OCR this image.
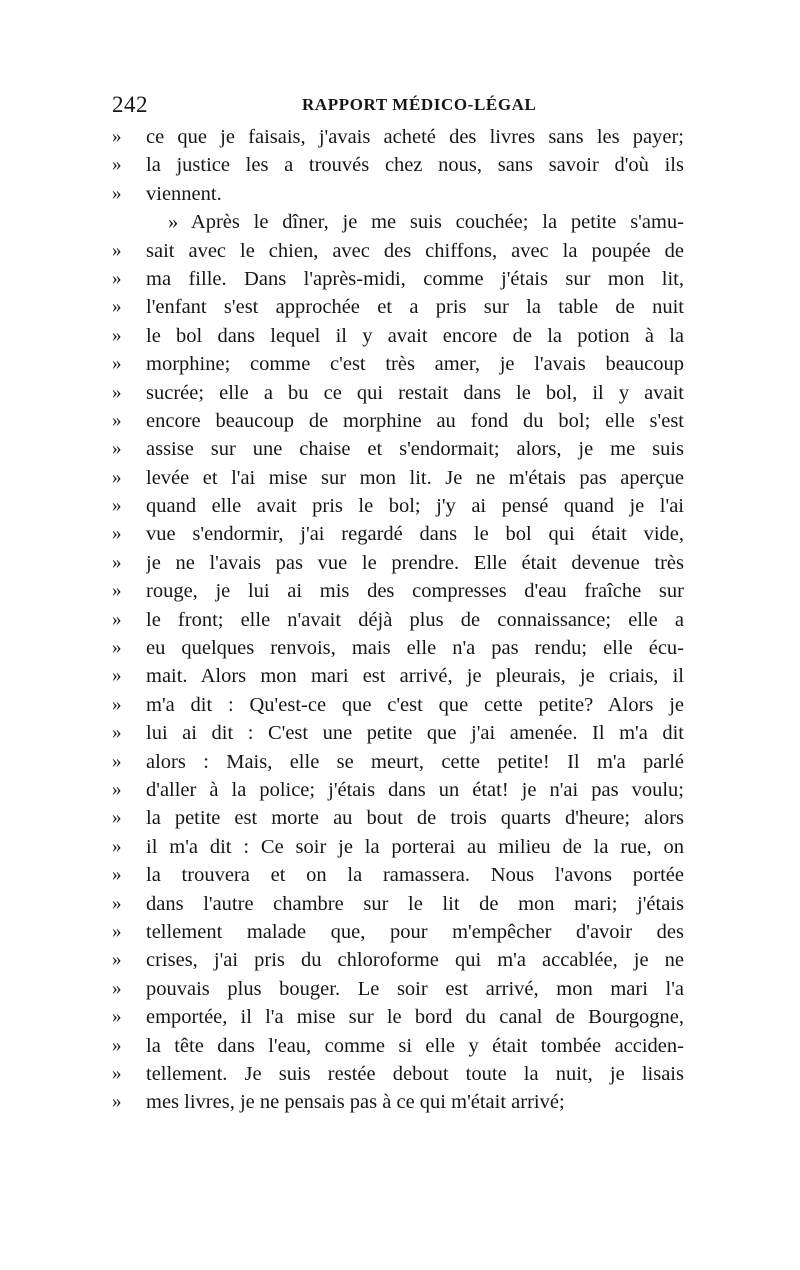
242	RAPPORT MÉDICO-LÉGAL
»	ce que je faisais, j'avais acheté des livres sans les payer;
»	la justice les a trouvés chez nous, sans savoir d'où ils
»	viennent.
» Après le dîner, je me suis couchée; la petite s'amu-
»	sait avec le chien, avec des chiffons, avec la poupée de
»	ma fille. Dans l'après-midi, comme j'étais sur mon lit,
»	l'enfant s'est approchée et a pris sur la table de nuit
»	le bol dans lequel il y avait encore de la potion à la
»	morphine; comme c'est très amer, je l'avais beaucoup
»	sucrée; elle a bu ce qui restait dans le bol, il y avait
»	encore beaucoup de morphine au fond du bol; elle s'est
»	assise sur une chaise et s'endormait; alors, je me suis
»	levée et l'ai mise sur mon lit. Je ne m'étais pas aperçue
»	quand elle avait pris le bol; j'y ai pensé quand je l'ai
»	vue s'endormir, j'ai regardé dans le bol qui était vide,
»	je ne l'avais pas vue le prendre. Elle était devenue très
»	rouge, je lui ai mis des compresses d'eau fraîche sur
»	le front; elle n'avait déjà plus de connaissance; elle a
»	eu quelques renvois, mais elle n'a pas rendu; elle écu-
»	mait. Alors mon mari est arrivé, je pleurais, je criais, il
»	m'a dit : Qu'est-ce que c'est que cette petite? Alors je
»	lui ai dit : C'est une petite que j'ai amenée. Il m'a dit
»	alors : Mais, elle se meurt, cette petite! Il m'a parlé
»	d'aller à la police; j'étais dans un état! je n'ai pas voulu;
»	la petite est morte au bout de trois quarts d'heure; alors
»	il m'a dit : Ce soir je la porterai au milieu de la rue, on
»	la trouvera et on la ramassera. Nous l'avons portée
»	dans l'autre chambre sur le lit de mon mari; j'étais
»	tellement malade que, pour m'empêcher d'avoir des
»	crises, j'ai pris du chloroforme qui m'a accablée, je ne
»	pouvais plus bouger. Le soir est arrivé, mon mari l'a
»	emportée, il l'a mise sur le bord du canal de Bourgogne,
»	la tête dans l'eau, comme si elle y était tombée acciden-
»	tellement. Je suis restée debout toute la nuit, je lisais
»	mes livres, je ne pensais pas à ce qui m'était arrivé;
